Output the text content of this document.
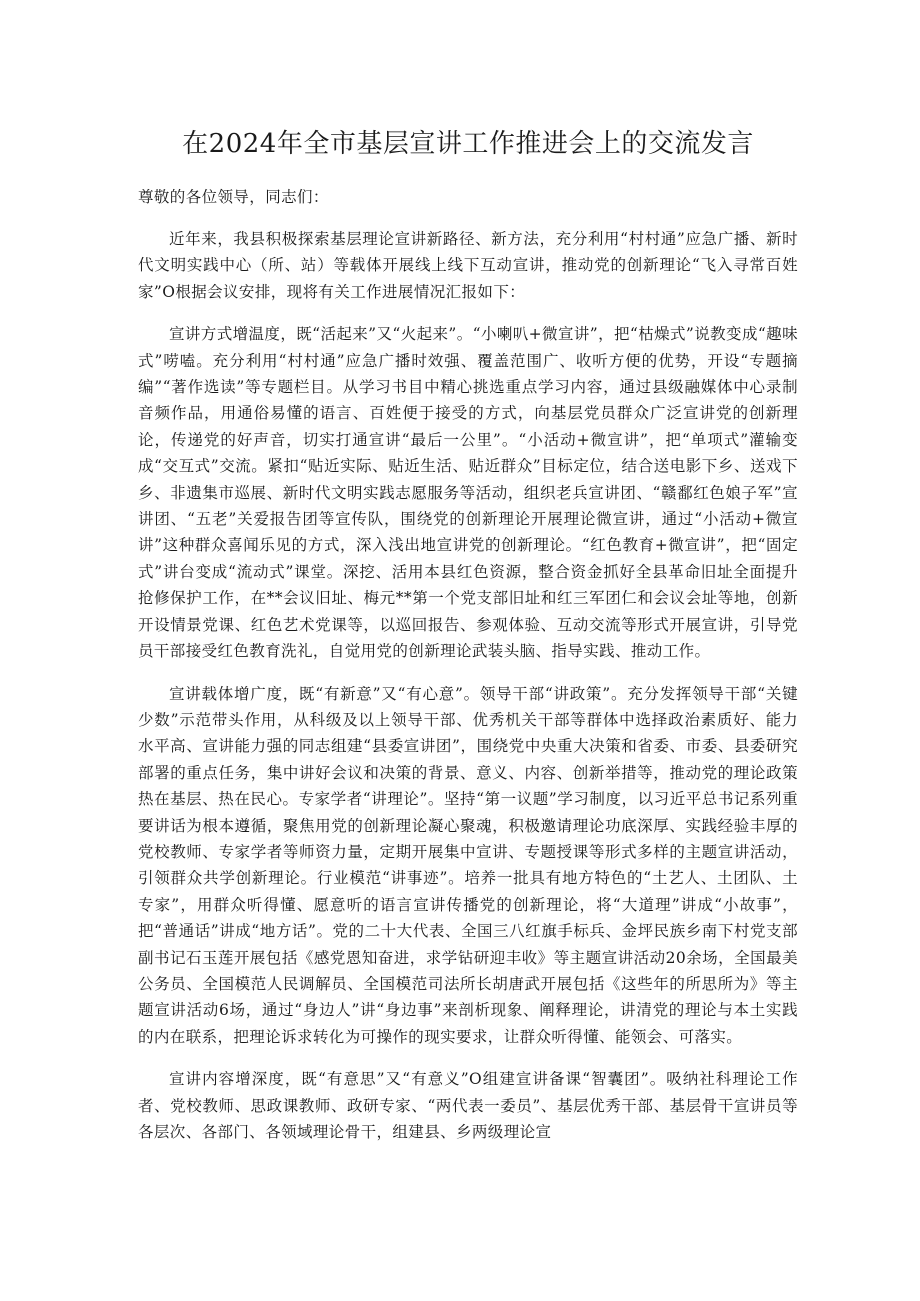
在2024年全市基层宣讲工作推进会上的交流发言

尊敬的各位领导，同志们：

近年来，我县积极探索基层理论宣讲新路径、新方法，充分利用“村村通”应急广播、新时代文明实践中心（所、站）等载体开展线上线下互动宣讲，推动党的创新理论“飞入寻常百姓家”O根据会议安排，现将有关工作进展情况汇报如下：

宣讲方式增温度，既“活起来”又“火起来”。“小喇叭+微宣讲”，把“枯燥式”说教变成“趣味式”唠嗑。充分利用“村村通”应急广播时效强、覆盖范围广、收听方便的优势，开设“专题摘编”“著作选读”等专题栏目。从学习书目中精心挑选重点学习内容，通过县级融媒体中心录制音频作品，用通俗易懂的语言、百姓便于接受的方式，向基层党员群众广泛宣讲党的创新理论，传递党的好声音，切实打通宣讲“最后一公里”。“小活动+微宣讲”，把“单项式”灌输变成“交互式”交流。紧扣“贴近实际、贴近生活、贴近群众”目标定位，结合送电影下乡、送戏下乡、非遗集市巡展、新时代文明实践志愿服务等活动，组织老兵宣讲团、“赣鄱红色娘子军”宣讲团、“五老”关爱报告团等宣传队，围绕党的创新理论开展理论微宣讲，通过“小活动+微宣讲”这种群众喜闻乐见的方式，深入浅出地宣讲党的创新理论。“红色教育+微宣讲”，把“固定式”讲台变成“流动式”课堂。深挖、活用本县红色资源，整合资金抓好全县革命旧址全面提升抢修保护工作，在**会议旧址、梅元**第一个党支部旧址和红三军团仁和会议会址等地，创新开设情景党课、红色艺术党课等，以巡回报告、参观体验、互动交流等形式开展宣讲，引导党员干部接受红色教育洗礼，自觉用党的创新理论武装头脑、指导实践、推动工作。

宣讲载体增广度，既“有新意”又“有心意”。领导干部“讲政策”。充分发挥领导干部“关键少数”示范带头作用，从科级及以上领导干部、优秀机关干部等群体中选择政治素质好、能力水平高、宣讲能力强的同志组建“县委宣讲团”，围绕党中央重大决策和省委、市委、县委研究部署的重点任务，集中讲好会议和决策的背景、意义、内容、创新举措等，推动党的理论政策热在基层、热在民心。专家学者“讲理论”。坚持“第一议题”学习制度，以习近平总书记系列重要讲话为根本遵循，聚焦用党的创新理论凝心聚魂，积极邀请理论功底深厚、实践经验丰厚的党校教师、专家学者等师资力量，定期开展集中宣讲、专题授课等形式多样的主题宣讲活动，引领群众共学创新理论。行业模范“讲事迹”。培养一批具有地方特色的“土艺人、土团队、土专家”，用群众听得懂、愿意听的语言宣讲传播党的创新理论，将“大道理”讲成“小故事”，把“普通话”讲成“地方话”。党的二十大代表、全国三八红旗手标兵、金坪民族乡南下村党支部副书记石玉莲开展包括《感党恩知奋进，求学钻研迎丰收》等主题宣讲活动20余场，全国最美公务员、全国模范人民调解员、全国模范司法所长胡唐武开展包括《这些年的所思所为》等主题宣讲活动6场，通过“身边人”讲“身边事”来剖析现象、阐释理论，讲清党的理论与本土实践的内在联系，把理论诉求转化为可操作的现实要求，让群众听得懂、能领会、可落实。

宣讲内容增深度，既“有意思”又“有意义”O组建宣讲备课“智囊团”。吸纳社科理论工作者、党校教师、思政课教师、政研专家、“两代表一委员”、基层优秀干部、基层骨干宣讲员等各层次、各部门、各领域理论骨干，组建县、乡两级理论宣
